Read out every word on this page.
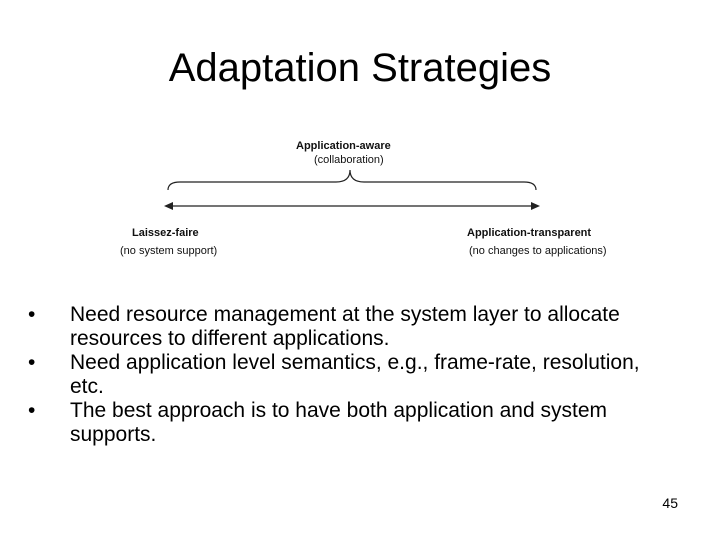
Adaptation Strategies
Application-aware
(collaboration)
Laissez-faire
(no system support)
Application-transparent
(no changes to applications)
• Need resource management at the system layer to allocate resources to different applications.
• Need application level semantics, e.g., frame-rate, resolution, etc.
• The best approach is to have both application and system supports.
45
